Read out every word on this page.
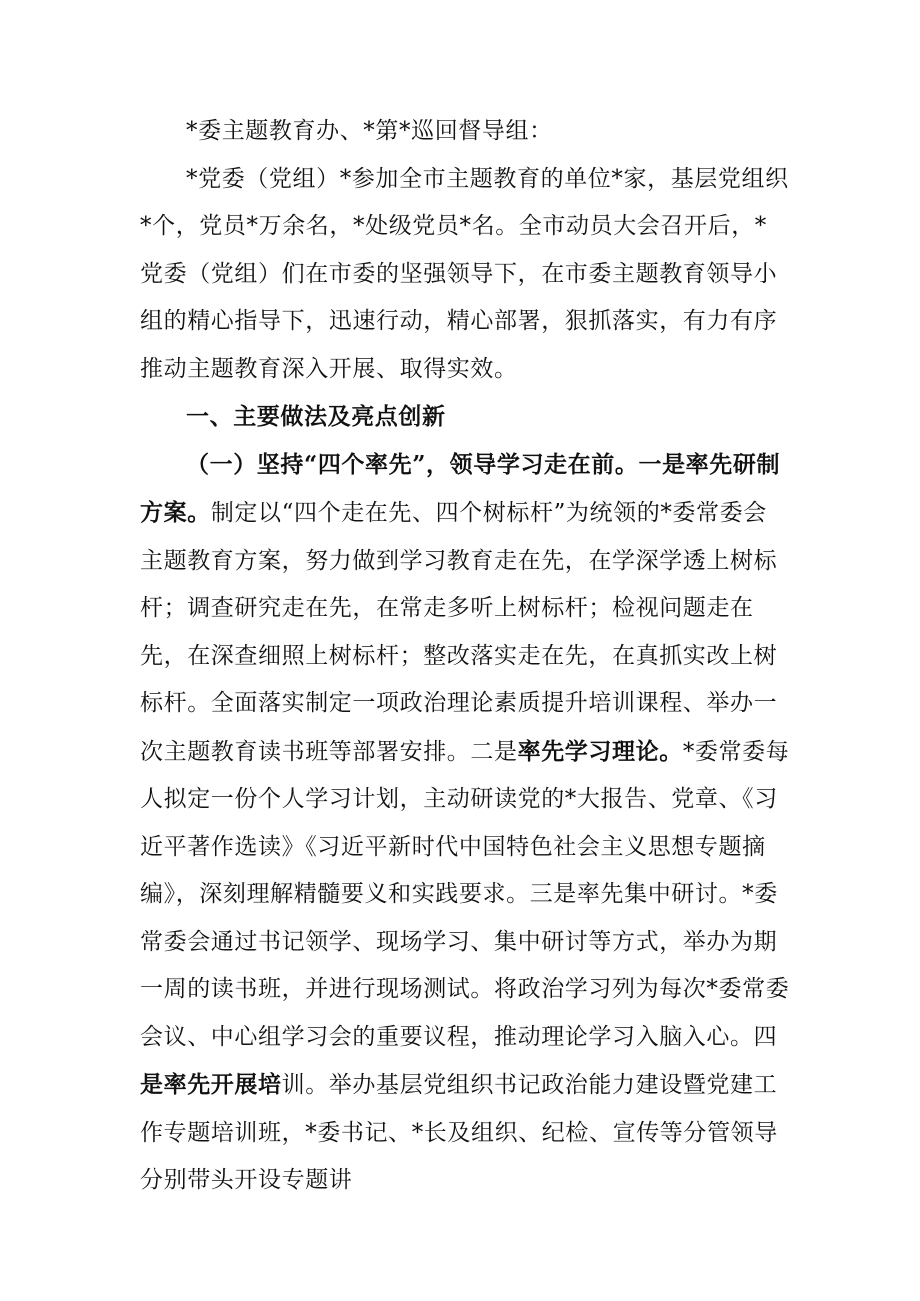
*委主题教育办、*第*巡回督导组：

*党委（党组）*参加全市主题教育的单位*家，基层党组织*个，党员*万余名，*处级党员*名。全市动员大会召开后，*党委（党组）们在市委的坚强领导下，在市委主题教育领导小组的精心指导下，迅速行动，精心部署，狠抓落实，有力有序推动主题教育深入开展、取得实效。

一、主要做法及亮点创新

（一）坚持“四个率先”，领导学习走在前。一是率先研制方案。制定以“四个走在先、四个树标杆”为统领的*委常委会主题教育方案，努力做到学习教育走在先，在学深学透上树标杆；调查研究走在先，在常走多听上树标杆；检视问题走在先，在深查细照上树标杆；整改落实走在先，在真抓实改上树标杆。全面落实制定一项政治理论素质提升培训课程、举办一次主题教育读书班等部署安排。二是率先学习理论。*委常委每人拟定一份个人学习计划，主动研读党的*大报告、党章、《习近平著作选读》《习近平新时代中国特色社会主义思想专题摘编》，深刻理解精髓要义和实践要求。三是率先集中研讨。*委常委会通过书记领学、现场学习、集中研讨等方式，举办为期一周的读书班，并进行现场测试。将政治学习列为每次*委常委会议、中心组学习会的重要议程，推动理论学习入脑入心。四是率先开展培训。举办基层党组织书记政治能力建设暨党建工作专题培训班，*委书记、*长及组织、纪检、宣传等分管领导分别带头开设专题讲
